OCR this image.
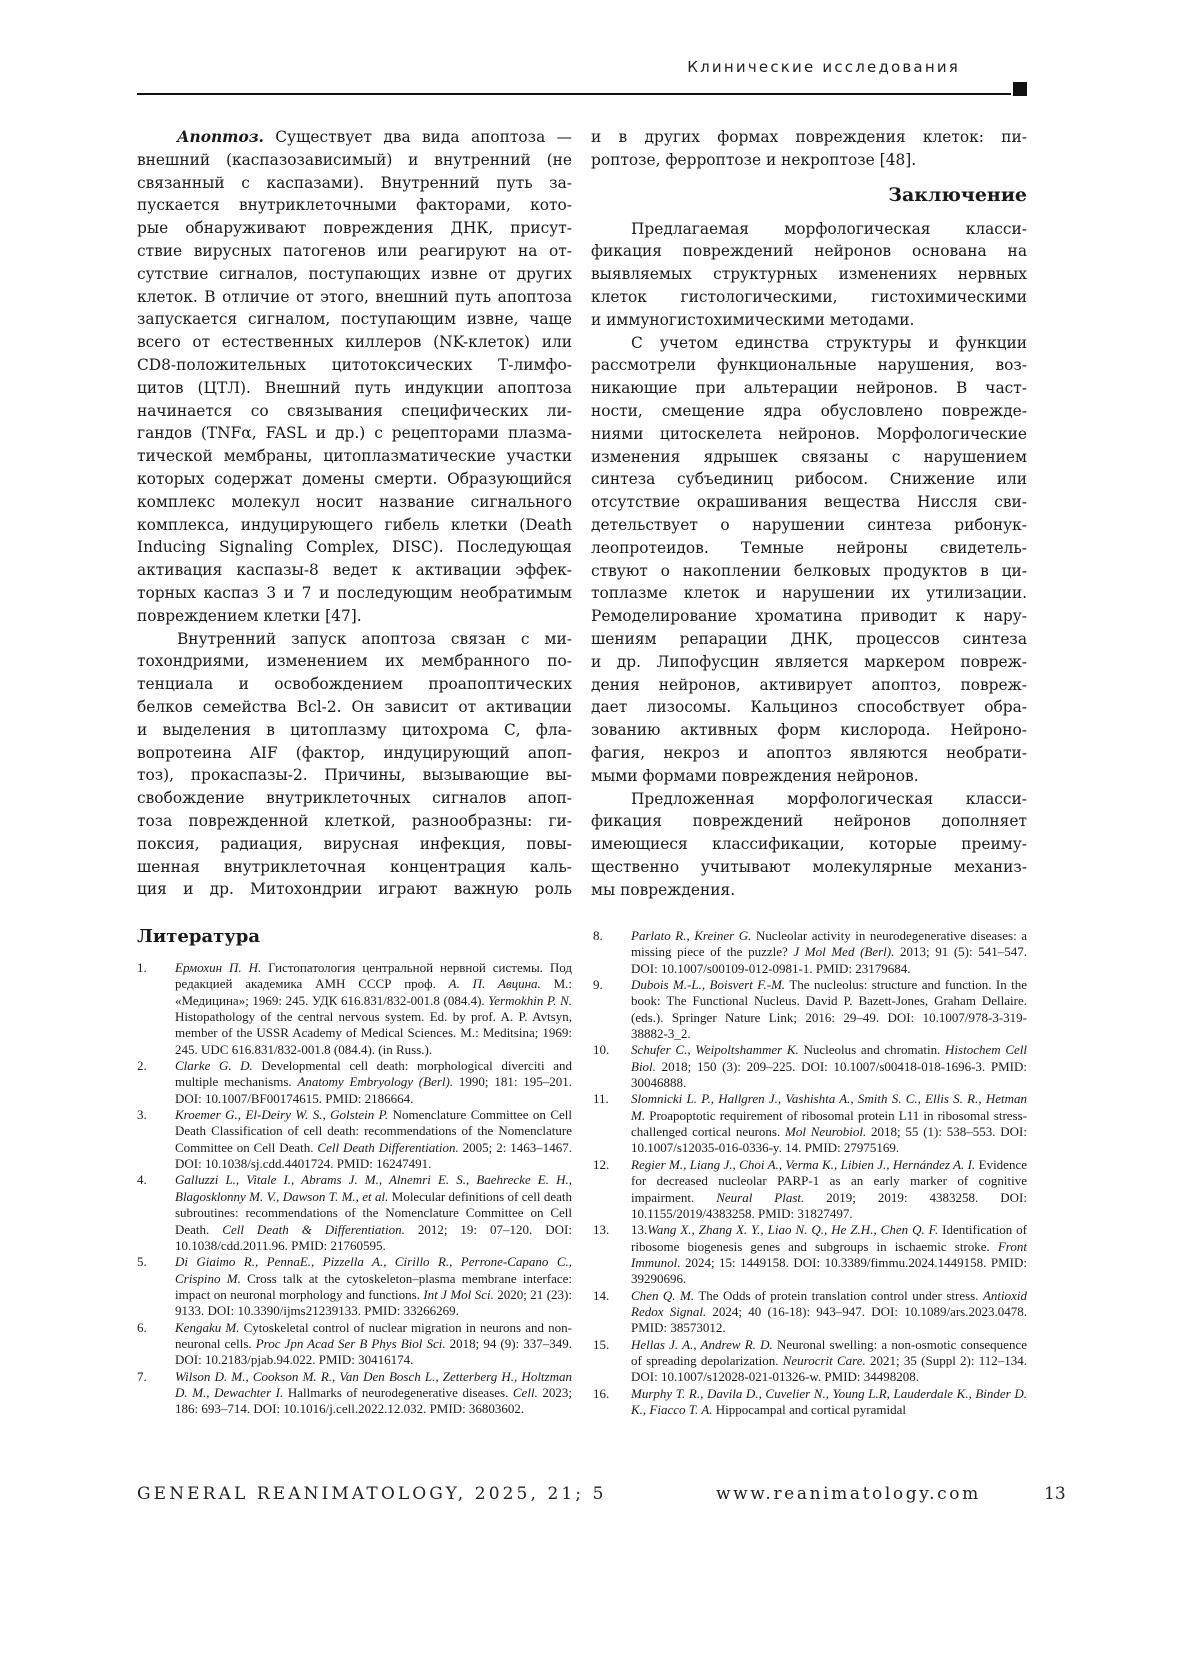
Клинические исследования
Апоптоз. Существует два вида апоптоза —
внешний (каспазозависимый) и внутренний (не
связанный с каспазами). Внутренний путь за-
пускается внутриклеточными факторами, кото-
рые обнаруживают повреждения ДНК, присут-
ствие вирусных патогенов или реагируют на от-
сутствие сигналов, поступающих извне от других
клеток. В отличие от этого, внешний путь апоптоза
запускается сигналом, поступающим извне, чаще
всего от естественных киллеров (NK-клеток) или
CD8-положительных цитотоксических Т-лимфо-
цитов (ЦТЛ). Внешний путь индукции апоптоза
начинается со связывания специфических ли-
гандов (TNFα, FASL и др.) с рецепторами плазма-
тической мембраны, цитоплазматические участки
которых содержат домены смерти. Образующийся
комплекс молекул носит название сигнального
комплекса, индуцирующего гибель клетки (Death
Inducing Signaling Complex, DISC). Последующая
активация каспазы-8 ведет к активации эффек-
торных каспаз 3 и 7 и последующим необратимым
повреждением клетки [47].
Внутренний запуск апоптоза связан с ми-
тохондриями, изменением их мембранного по-
тенциала и освобождением проапоптических
белков семейства Bcl-2. Он зависит от активации
и выделения в цитоплазму цитохрома С, фла-
вопротеина AIF (фактор, индуцирующий апоп-
тоз), прокаспазы-2. Причины, вызывающие вы-
свобождение внутриклеточных сигналов апоп-
тоза поврежденной клеткой, разнообразны: ги-
поксия, радиация, вирусная инфекция, повы-
шенная внутриклеточная концентрация каль-
ция и др. Митохондрии играют важную роль
и в других формах повреждения клеток: пи-
роптозе, ферроптозе и некроптозе [48].
Заключение
Предлагаемая морфологическая класси-
фикация повреждений нейронов основана на
выявляемых структурных изменениях нервных
клеток гистологическими, гистохимическими
и иммуногистохимическими методами.
С учетом единства структуры и функции
рассмотрели функциональные нарушения, воз-
никающие при альтерации нейронов. В част-
ности, смещение ядра обусловлено поврежде-
ниями цитоскелета нейронов. Морфологические
изменения ядрышек связаны с нарушением
синтеза субъединиц рибосом. Снижение или
отсутствие окрашивания вещества Ниссля сви-
детельствует о нарушении синтеза рибонук-
леопротеидов. Темные нейроны свидетель-
ствуют о накоплении белковых продуктов в ци-
топлазме клеток и нарушении их утилизации.
Ремоделирование хроматина приводит к нару-
шениям репарации ДНК, процессов синтеза
и др. Липофусцин является маркером повреж-
дения нейронов, активирует апоптоз, повреж-
дает лизосомы. Кальциноз способствует обра-
зованию активных форм кислорода. Нейроно-
фагия, некроз и апоптоз являются необрати-
мыми формами повреждения нейронов.
Предложенная морфологическая класси-
фикация повреждений нейронов дополняет
имеющиеся классификации, которые преиму-
щественно учитывают молекулярные механиз-
мы повреждения.
Литература
1.	Ермохин П. Н. Гистопатология центральной нервной системы. Под редакцией академика АМН СССР проф. А. П. Авцина. М.: «Медицина»; 1969: 245. УДК 616.831/832-001.8 (084.4). Yermokhin P. N. Histopathology of the central nervous system. Ed. by prof. A. P. Avtsyn, member of the USSR Academy of Medical Sciences. M.: Meditsina; 1969: 245. UDC 616.831/832-001.8 (084.4). (in Russ.).
2.	Clarke G. D. Developmental cell death: morphological diverciti and multiple mechanisms. Anatomy Embryology (Berl). 1990; 181: 195–201. DOI: 10.1007/BF00174615. PMID: 2186664.
3.	Kroemer G., El-Deiry W. S., Golstein P. Nomenclature Committee on Cell Death Classification of cell death: recommendations of the Nomenclature Committee on Cell Death. Cell Death Differentiation. 2005; 2: 1463–1467. DOI: 10.1038/sj.cdd.4401724. PMID: 16247491.
4.	Galluzzi L., Vitale I., Abrams J. M., Alnemri E. S., Baehrecke E. H., Blagosklonny M. V., Dawson T. M., et al. Molecular definitions of cell death subroutines: recommendations of the Nomenclature Committee on Cell Death. Cell Death & Differentiation. 2012; 19: 07–120. DOI: 10.1038/cdd.2011.96. PMID: 21760595.
5.	Di Giaimo R., PennaE., Pizzella A., Cirillo R., Perrone-Capano C., Crispino M. Cross talk at the cytoskeleton–plasma membrane interface: impact on neuronal morphology and functions. Int J Mol Sci. 2020; 21 (23): 9133. DOI: 10.3390/ijms21239133. PMID: 33266269.
6.	Kengaku M. Cytoskeletal control of nuclear migration in neurons and non-neuronal cells. Proc Jpn Acad Ser B Phys Biol Sci. 2018; 94 (9): 337–349. DOI: 10.2183/pjab.94.022. PMID: 30416174.
7.	Wilson D. M., Cookson M. R., Van Den Bosch L., Zetterberg H., Holtzman D. M., Dewachter I. Hallmarks of neurodegenerative diseases. Cell. 2023; 186: 693–714. DOI: 10.1016/j.cell.2022.12.032. PMID: 36803602.
8.	Parlato R., Kreiner G. Nucleolar activity in neurodegenerative diseases: a missing piece of the puzzle? J Mol Med (Berl). 2013; 91 (5): 541–547. DOI: 10.1007/s00109-012-0981-1. PMID: 23179684.
9.	Dubois M.-L., Boisvert F.-M. The nucleolus: structure and function. In the book: The Functional Nucleus. David P. Bazett-Jones, Graham Dellaire. (eds.). Springer Nature Link; 2016: 29–49. DOI: 10.1007/978-3-319-38882-3_2.
10.	Schufer C., Weipoltshammer K. Nucleolus and chromatin. Histochem Cell Biol. 2018; 150 (3): 209–225. DOI: 10.1007/s00418-018-1696-3. PMID: 30046888.
11.	Slomnicki L. P., Hallgren J., Vashishta A., Smith S. C., Ellis S. R., Hetman M. Proapoptotic requirement of ribosomal protein L11 in ribosomal stress-challenged cortical neurons. Mol Neurobiol. 2018; 55 (1): 538–553. DOI: 10.1007/s12035-016-0336-y. 14. PMID: 27975169.
12.	Regier M., Liang J., Choi A., Verma K., Libien J., Hernández A. I. Evidence for decreased nucleolar PARP-1 as an early marker of cognitive impairment. Neural Plast. 2019; 2019: 4383258. DOI: 10.1155/2019/4383258. PMID: 31827497.
13.	13.Wang X., Zhang X. Y., Liao N. Q., He Z.H., Chen Q. F. Identification of ribosome biogenesis genes and subgroups in ischaemic stroke. Front Immunol. 2024; 15: 1449158. DOI: 10.3389/fimmu.2024.1449158. PMID: 39290696.
14.	Chen Q. M. The Odds of protein translation control under stress. Antioxid Redox Signal. 2024; 40 (16-18): 943–947. DOI: 10.1089/ars.2023.0478. PMID: 38573012.
15.	Hellas J. A., Andrew R. D. Neuronal swelling: a non-osmotic consequence of spreading depolarization. Neurocrit Care. 2021; 35 (Suppl 2): 112–134. DOI: 10.1007/s12028-021-01326-w. PMID: 34498208.
16.	Murphy T. R., Davila D., Cuvelier N., Young L.R, Lauderdale K., Binder D. K., Fiacco T. A. Hippocampal and cortical pyramidal
GENERAL REANIMATOLOGY, 2025, 21; 5	www.reanimatology.com	13
